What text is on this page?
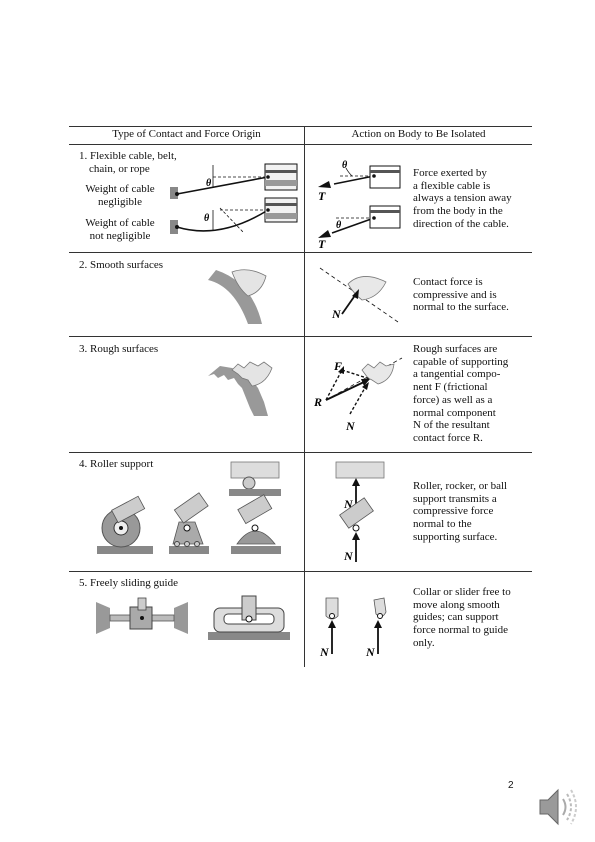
Type of Contact and Force Origin	Action on Body to Be Isolated
1. Flexible cable, belt,
chain, or rope
Weight of cable
negligible
Weight of cable
not negligible
θ
θ
θ
T
θ
T
Force exerted by
a flexible cable is
always a tension away
from the body in the
direction of the cable.
2. Smooth surfaces
N
Contact force is
compressive and is
normal to the surface.
3. Rough surfaces
F
R
N
Rough surfaces are
capable of supporting
a tangential compo-
nent F (frictional
force) as well as a
normal component
N of the resultant
contact force R.
4. Roller support
N
N
Roller, rocker, or ball
support transmits a
compressive force
normal to the
supporting surface.
5. Freely sliding guide
N	N
Collar or slider free to
move along smooth
guides; can support
force normal to guide
only.
2
